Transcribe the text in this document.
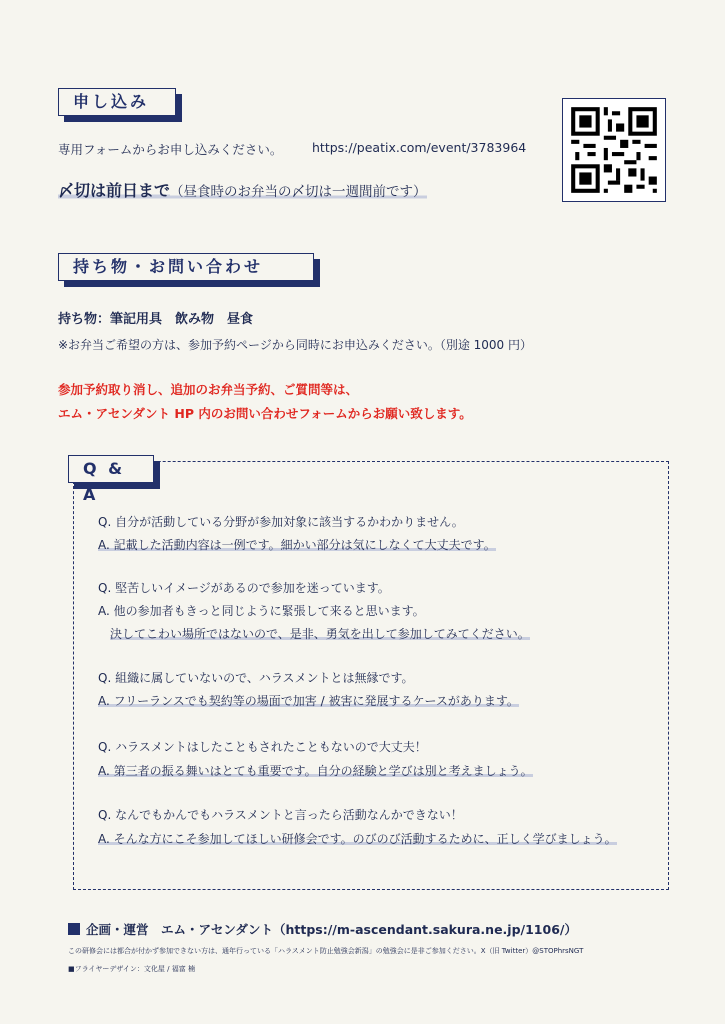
申し込み
専用フォームからお申し込みください。 https://peatix.com/event/3783964
〆切は前日まで（昼食時のお弁当の〆切は一週間前です）
持ち物・お問い合わせ
持ち物：筆記用具　飲み物　昼食
※お弁当ご希望の方は、参加予約ページから同時にお申込みください。（別途 1000 円）
参加予約取り消し、追加のお弁当予約、ご質問等は、
エム・アセンダント HP 内のお問い合わせフォームからお願い致します。
Q & A
Q. 自分が活動している分野が参加対象に該当するかわかりません。
A. 記載した活動内容は一例です。細かい部分は気にしなくて大丈夫です。
Q. 堅苦しいイメージがあるので参加を迷っています。
A. 他の参加者もきっと同じように緊張して来ると思います。
決してこわい場所ではないので、是非、勇気を出して参加してみてください。
Q. 組織に属していないので、ハラスメントとは無縁です。
A. フリーランスでも契約等の場面で加害 / 被害に発展するケースがあります。
Q. ハラスメントはしたこともされたこともないので大丈夫！
A. 第三者の振る舞いはとても重要です。自分の経験と学びは別と考えましょう。
Q. なんでもかんでもハラスメントと言ったら活動なんかできない！
A. そんな方にこそ参加してほしい研修会です。のびのび活動するために、正しく学びましょう。
企画・運営　エム・アセンダント（https://m-ascendant.sakura.ne.jp/1106/）
この研修会には都合が付かず参加できない方は、通年行っている「ハラスメント防止勉強会新潟」の勉強会に是非ご参加ください。X（旧 Twitter）@STOPhrsNGT
■フライヤーデザイン：文化屋 / 福富 楠
